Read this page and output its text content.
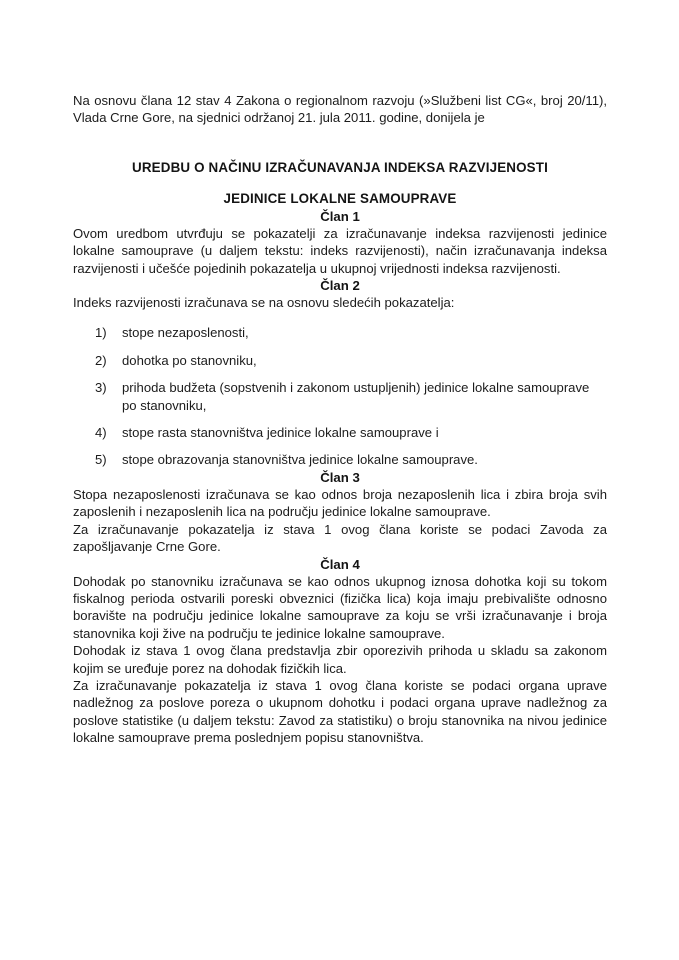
Na osnovu člana 12 stav 4 Zakona o regionalnom razvoju (»Službeni list CG«, broj 20/11), Vlada Crne Gore, na sjednici održanoj 21. jula 2011. godine, donijela je

UREDBU O NAČINU IZRAČUNAVANJA INDEKSA RAZVIJENOSTI
JEDINICE LOKALNE SAMOUPRAVE
Član 1

Ovom uredbom utvrđuju se pokazatelji za izračunavanje indeksa razvijenosti jedinice lokalne samouprave (u daljem tekstu: indeks razvijenosti), način izračunavanja indeksa razvijenosti i učešće pojedinih pokazatelja u ukupnoj vrijednosti indeksa razvijenosti.

Član 2

Indeks razvijenosti izračunava se na osnovu sledećih pokazatelja:

1)	stope nezaposlenosti,
2)	dohotka po stanovniku,
3)	prihoda budžeta (sopstvenih i zakonom ustupljenih) jedinice lokalne samouprave po stanovniku,
4)	stope rasta stanovništva jedinice lokalne samouprave i
5)	stope obrazovanja stanovništva jedinice lokalne samouprave.
Član 3

Stopa nezaposlenosti izračunava se kao odnos broja nezaposlenih lica i zbira broja svih zaposlenih i nezaposlenih lica na području jedinice lokalne samouprave.

Za izračunavanje pokazatelja iz stava 1 ovog člana koriste se podaci Zavoda za zapošljavanje Crne Gore.

Član 4

Dohodak po stanovniku izračunava se kao odnos ukupnog iznosa dohotka koji su tokom fiskalnog perioda ostvarili poreski obveznici (fizička lica) koja imaju prebivalište odnosno boravište na području jedinice lokalne samouprave za koju se vrši izračunavanje i broja stanovnika koji žive na području te jedinice lokalne samouprave.

Dohodak iz stava 1 ovog člana predstavlja zbir oporezivih prihoda u skladu sa zakonom kojim se uređuje porez na dohodak fizičkih lica.

Za izračunavanje pokazatelja iz stava 1 ovog člana koriste se podaci organa uprave nadležnog za poslove poreza o ukupnom dohotku i podaci organa uprave nadležnog za poslove statistike (u daljem tekstu: Zavod za statistiku) o broju stanovnika na nivou jedinice lokalne samouprave prema poslednjem popisu stanovništva.
